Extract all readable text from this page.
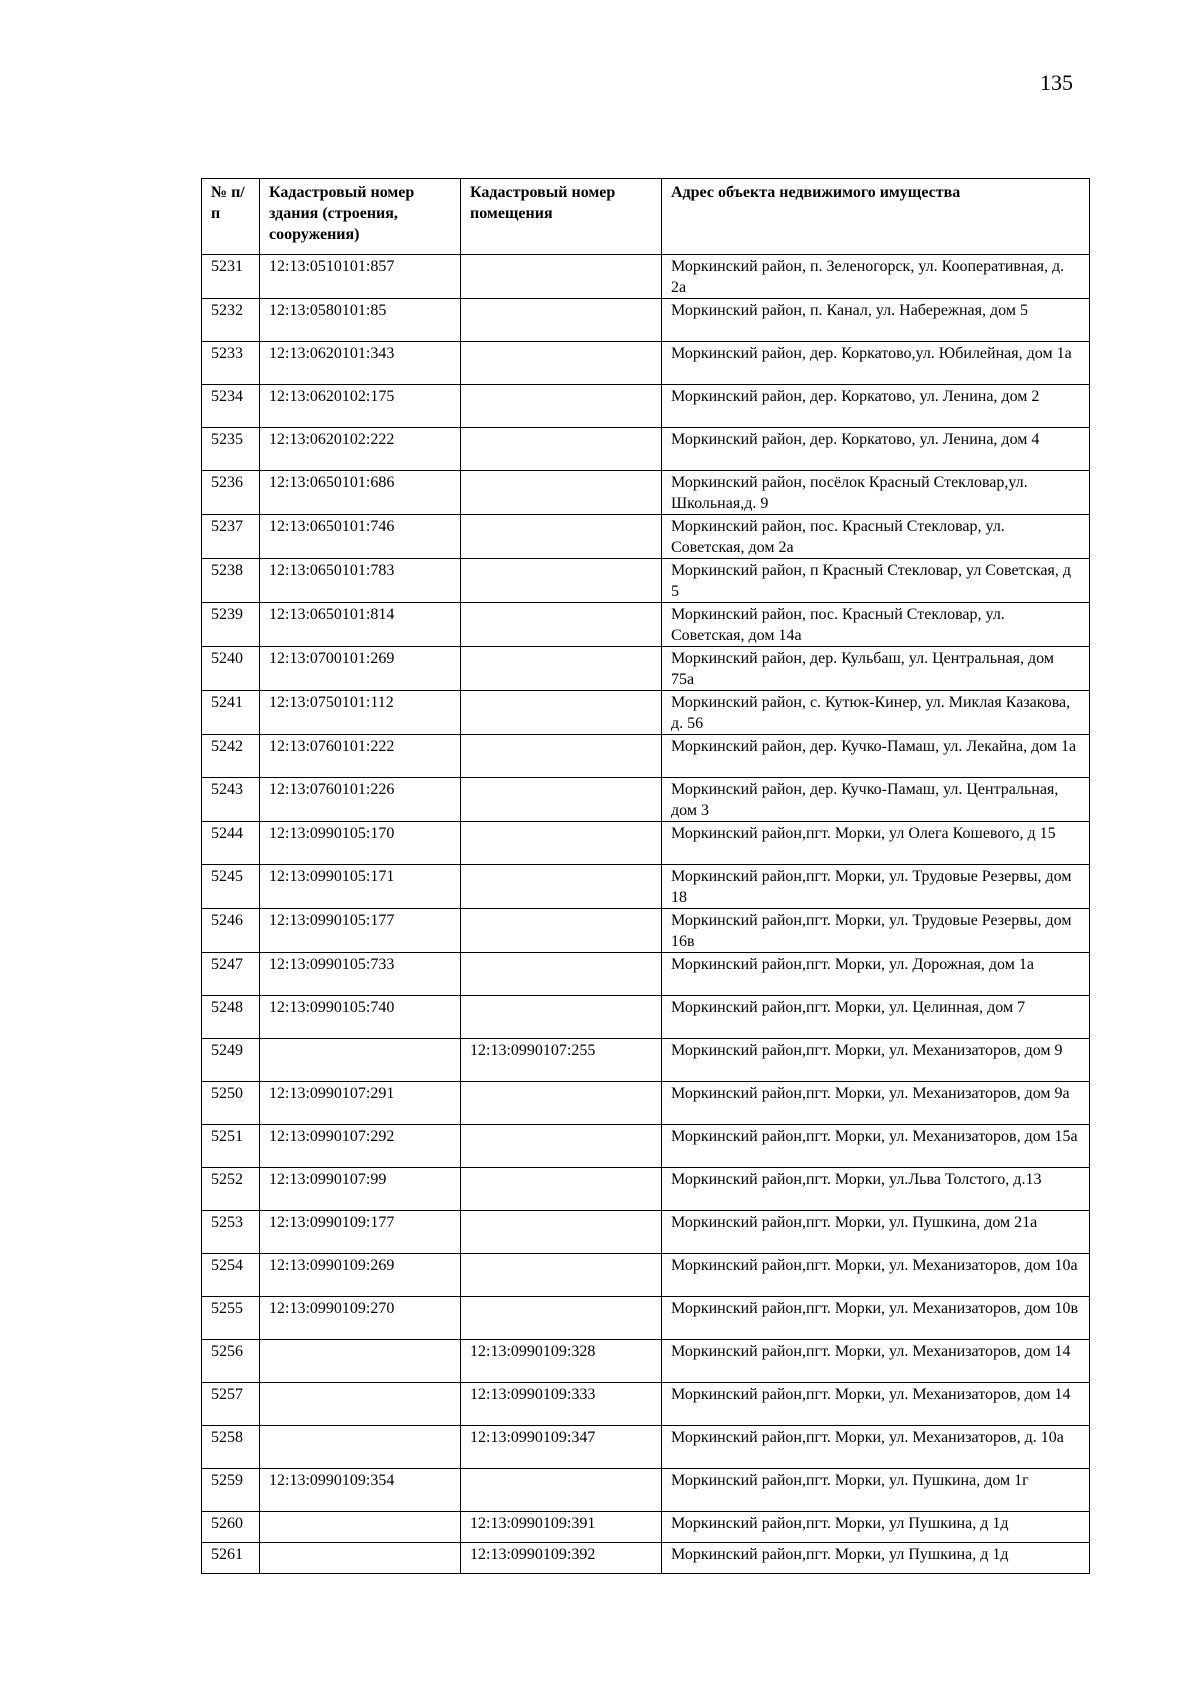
135
№ п/п	Кадастровый номер здания (строения, сооружения)	Кадастровый номер помещения	Адрес объекта недвижимого имущества
5231	12:13:0510101:857		Моркинский район, п. Зеленогорск, ул. Кооперативная, д. 2а
5232	12:13:0580101:85		Моркинский район, п. Канал, ул. Набережная, дом 5
5233	12:13:0620101:343		Моркинский район, дер. Коркатово,ул. Юбилейная, дом 1а
5234	12:13:0620102:175		Моркинский район, дер. Коркатово, ул. Ленина, дом 2
5235	12:13:0620102:222		Моркинский район, дер. Коркатово, ул. Ленина, дом 4
5236	12:13:0650101:686		Моркинский район, посёлок Красный Стекловар,ул. Школьная,д. 9
5237	12:13:0650101:746		Моркинский район, пос. Красный Стекловар, ул. Советская, дом 2а
5238	12:13:0650101:783		Моркинский район, п Красный Стекловар, ул Советская, д 5
5239	12:13:0650101:814		Моркинский район, пос. Красный Стекловар, ул. Советская, дом 14а
5240	12:13:0700101:269		Моркинский район, дер. Кульбаш, ул. Центральная, дом 75а
5241	12:13:0750101:112		Моркинский район, с. Кутюк-Кинер, ул. Миклая Казакова, д. 56
5242	12:13:0760101:222		Моркинский район, дер. Кучко-Памаш, ул. Лекайна, дом 1а
5243	12:13:0760101:226		Моркинский район, дер. Кучко-Памаш, ул. Центральная, дом 3
5244	12:13:0990105:170		Моркинский район,пгт. Морки, ул Олега Кошевого, д 15
5245	12:13:0990105:171		Моркинский район,пгт. Морки, ул. Трудовые Резервы, дом 18
5246	12:13:0990105:177		Моркинский район,пгт. Морки, ул. Трудовые Резервы, дом 16в
5247	12:13:0990105:733		Моркинский район,пгт. Морки, ул. Дорожная, дом 1а
5248	12:13:0990105:740		Моркинский район,пгт. Морки, ул. Целинная, дом 7
5249		12:13:0990107:255	Моркинский район,пгт. Морки, ул. Механизаторов, дом 9
5250	12:13:0990107:291		Моркинский район,пгт. Морки, ул. Механизаторов, дом 9а
5251	12:13:0990107:292		Моркинский район,пгт. Морки, ул. Механизаторов, дом 15а
5252	12:13:0990107:99		Моркинский район,пгт. Морки, ул.Льва Толстого, д.13
5253	12:13:0990109:177		Моркинский район,пгт. Морки, ул. Пушкина, дом 21а
5254	12:13:0990109:269		Моркинский район,пгт. Морки, ул. Механизаторов, дом 10а
5255	12:13:0990109:270		Моркинский район,пгт. Морки, ул. Механизаторов, дом 10в
5256		12:13:0990109:328	Моркинский район,пгт. Морки, ул. Механизаторов, дом 14
5257		12:13:0990109:333	Моркинский район,пгт. Морки, ул. Механизаторов, дом 14
5258		12:13:0990109:347	Моркинский район,пгт. Морки, ул. Механизаторов, д. 10а
5259	12:13:0990109:354		Моркинский район,пгт. Морки, ул. Пушкина, дом 1г
5260		12:13:0990109:391	Моркинский район,пгт. Морки, ул Пушкина, д 1д
5261		12:13:0990109:392	Моркинский район,пгт. Морки, ул Пушкина, д 1д
